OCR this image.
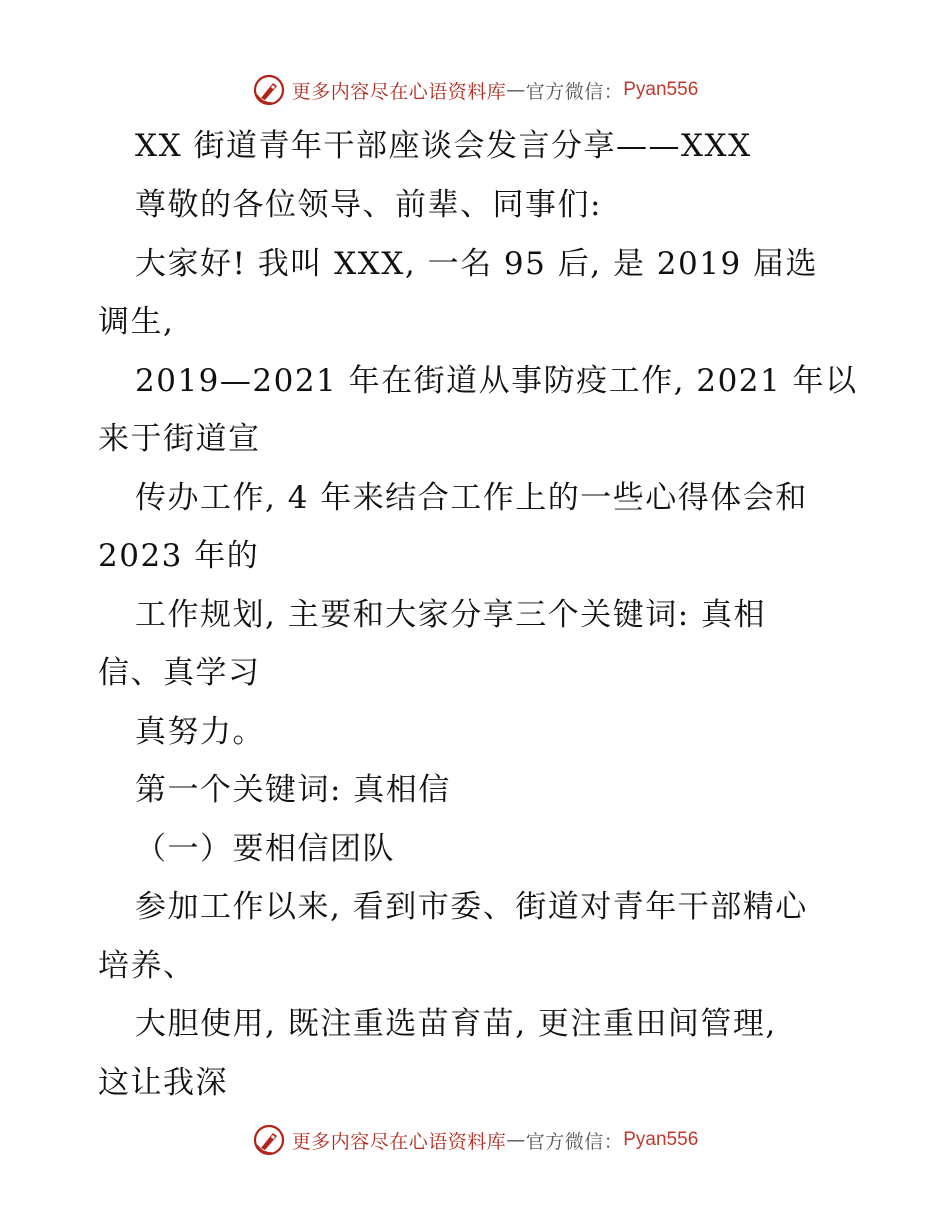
更多内容尽在心语资料库 — 官方微信： Pyan556
XX 街道青年干部座谈会发言分享——XXX
尊敬的各位领导、前辈、同事们:
大家好! 我叫 XXX, 一名 95 后, 是 2019 届选
调生,
2019—2021 年在街道从事防疫工作, 2021 年以
来于街道宣
传办工作, 4 年来结合工作上的一些心得体会和
2023 年的
工作规划, 主要和大家分享三个关键词: 真相
信、真学习
真努力。
第一个关键词: 真相信
（一）要相信团队
参加工作以来, 看到市委、街道对青年干部精心
培养、
大胆使用, 既注重选苗育苗, 更注重田间管理,
这让我深
更多内容尽在心语资料库 — 官方微信： Pyan556
